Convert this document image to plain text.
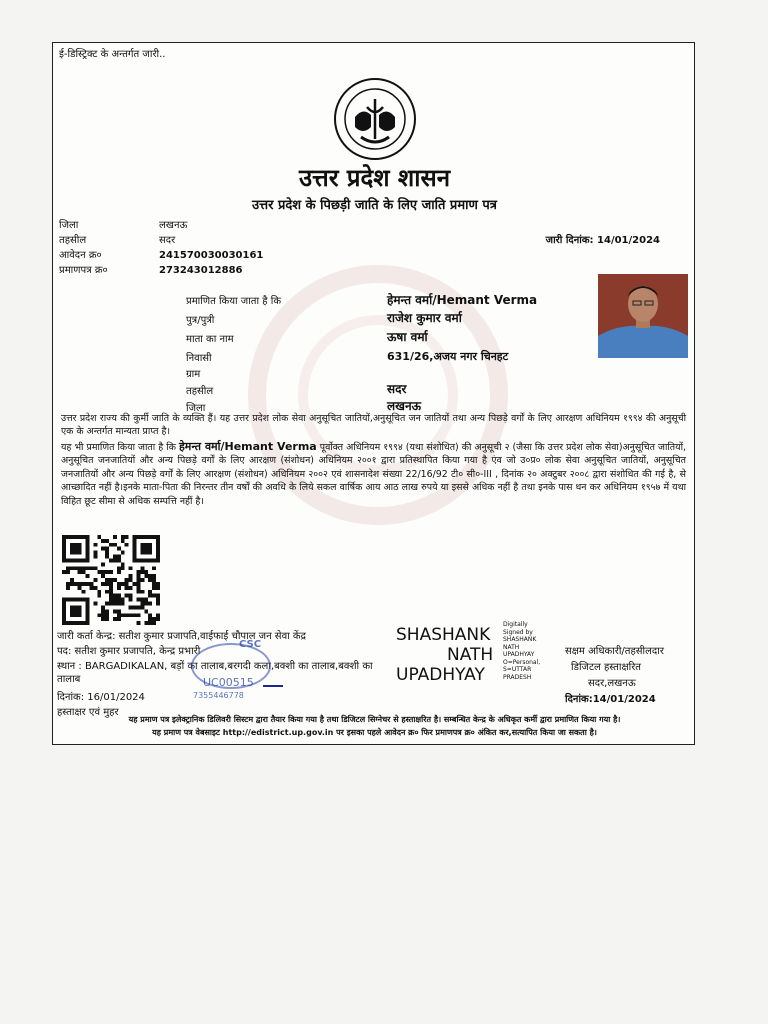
ई-डिस्ट्रिक्ट के अन्तर्गत जारी..
उत्तर प्रदेश शासन
उत्तर प्रदेश के पिछड़ी जाति के लिए जाति प्रमाण पत्र
जिला	लखनऊ
तहसील	सदर
आवेदन क्र०	241570030030161
प्रमाणपत्र क्र०	273243012886
जारी दिनांक: 14/01/2024
प्रमाणित किया जाता है कि	हेमन्त वर्मा/Hemant Verma
पुत्र/पुत्री	राजेश कुमार वर्मा
माता का नाम	ऊषा वर्मा
निवासी	631/26,अजय नगर चिनहट
ग्राम
तहसील	सदर
जिला	लखनऊ
उत्तर प्रदेश राज्य की कुर्मी जाति के व्यक्ति हैं। यह उत्तर प्रदेश लोक सेवा अनुसूचित जातियों,अनुसूचित जन जातियों तथा अन्य पिछड़े वर्गों के लिए आरक्षण अधिनियम १९९४ की अनुसूची एक के अन्तर्गत मान्यता प्राप्त है।
यह भी प्रमाणित किया जाता है कि हेमन्त वर्मा/Hemant Verma पूर्वोक्त अधिनियम १९९४ (यथा संशोधित) की अनुसूची २ (जैसा कि उत्तर प्रदेश लोक सेवा)अनुसूचित जातियों, अनुसूचित जनजातियों और अन्य पिछड़े वर्गों के लिए आरक्षण (संशोधन) अधिनियम २००१ द्वारा प्रतिस्थापित किया गया है एंव जो उ०प्र० लोक सेवा अनुसूचित जातियों, अनुसूचित जनजातियों और अन्य पिछड़े वर्गों के लिए आरक्षण (संशोधन) अधिनियम २००२ एवं शासनादेश संख्या 22/16/92 टी० सी०-III , दिनांक २० अक्टुबर २००८ द्वारा संशोधित की गई है, से आच्छादित नहीं है।इनके माता-पिता की निरन्तर तीन वर्षों की अवधि के लिये सकल वार्षिक आय आठ लाख रुपये या इससे अधिक नहीं है तथा इनके पास धन कर अधिनियम १९५७ में यथा विहित छूट सीमा से अधिक सम्पत्ति नहीं है।
जारी कर्ता केन्द्र: सतीश कुमार प्रजापति,वाईफाई चौपाल जन सेवा केंद्र
पद: सतीश कुमार प्रजापति, केन्द्र प्रभारी
स्थान : BARGADIKALAN, बड़ों का तालाब,बरगदी कला,बक्शी का तालाब,बक्शी का तालाब
दिनांक: 16/01/2024
हस्ताक्षर एवं मुहर
CSC
UC00515
7355446778
SHASHANK
NATH
UPADHYAY
Digitally
Signed by
SHASHANK
NATH
UPADHYAY
O=Personal,
S=UTTAR
PRADESH
सक्षम अधिकारी/तहसीलदार
डिजिटल हस्ताक्षरित
सदर,लखनऊ
दिनांक:14/01/2024
यह प्रमाण पत्र इलेक्ट्रानिक डिलिवरी सिस्टम द्वारा तैयार किया गया है तथा डिजिटल सिग्नेचर से हस्ताक्षरित है। सम्बन्धित केन्द्र के अधिकृत कर्मी द्वारा प्रमाणित किया गया है।
यह प्रमाण पत्र वेबसाइट http://edistrict.up.gov.in पर इसका पहले आवेदन क्र० फिर प्रमाणपत्र क्र० अंकित कर,सत्यापित किया जा सकता है।
